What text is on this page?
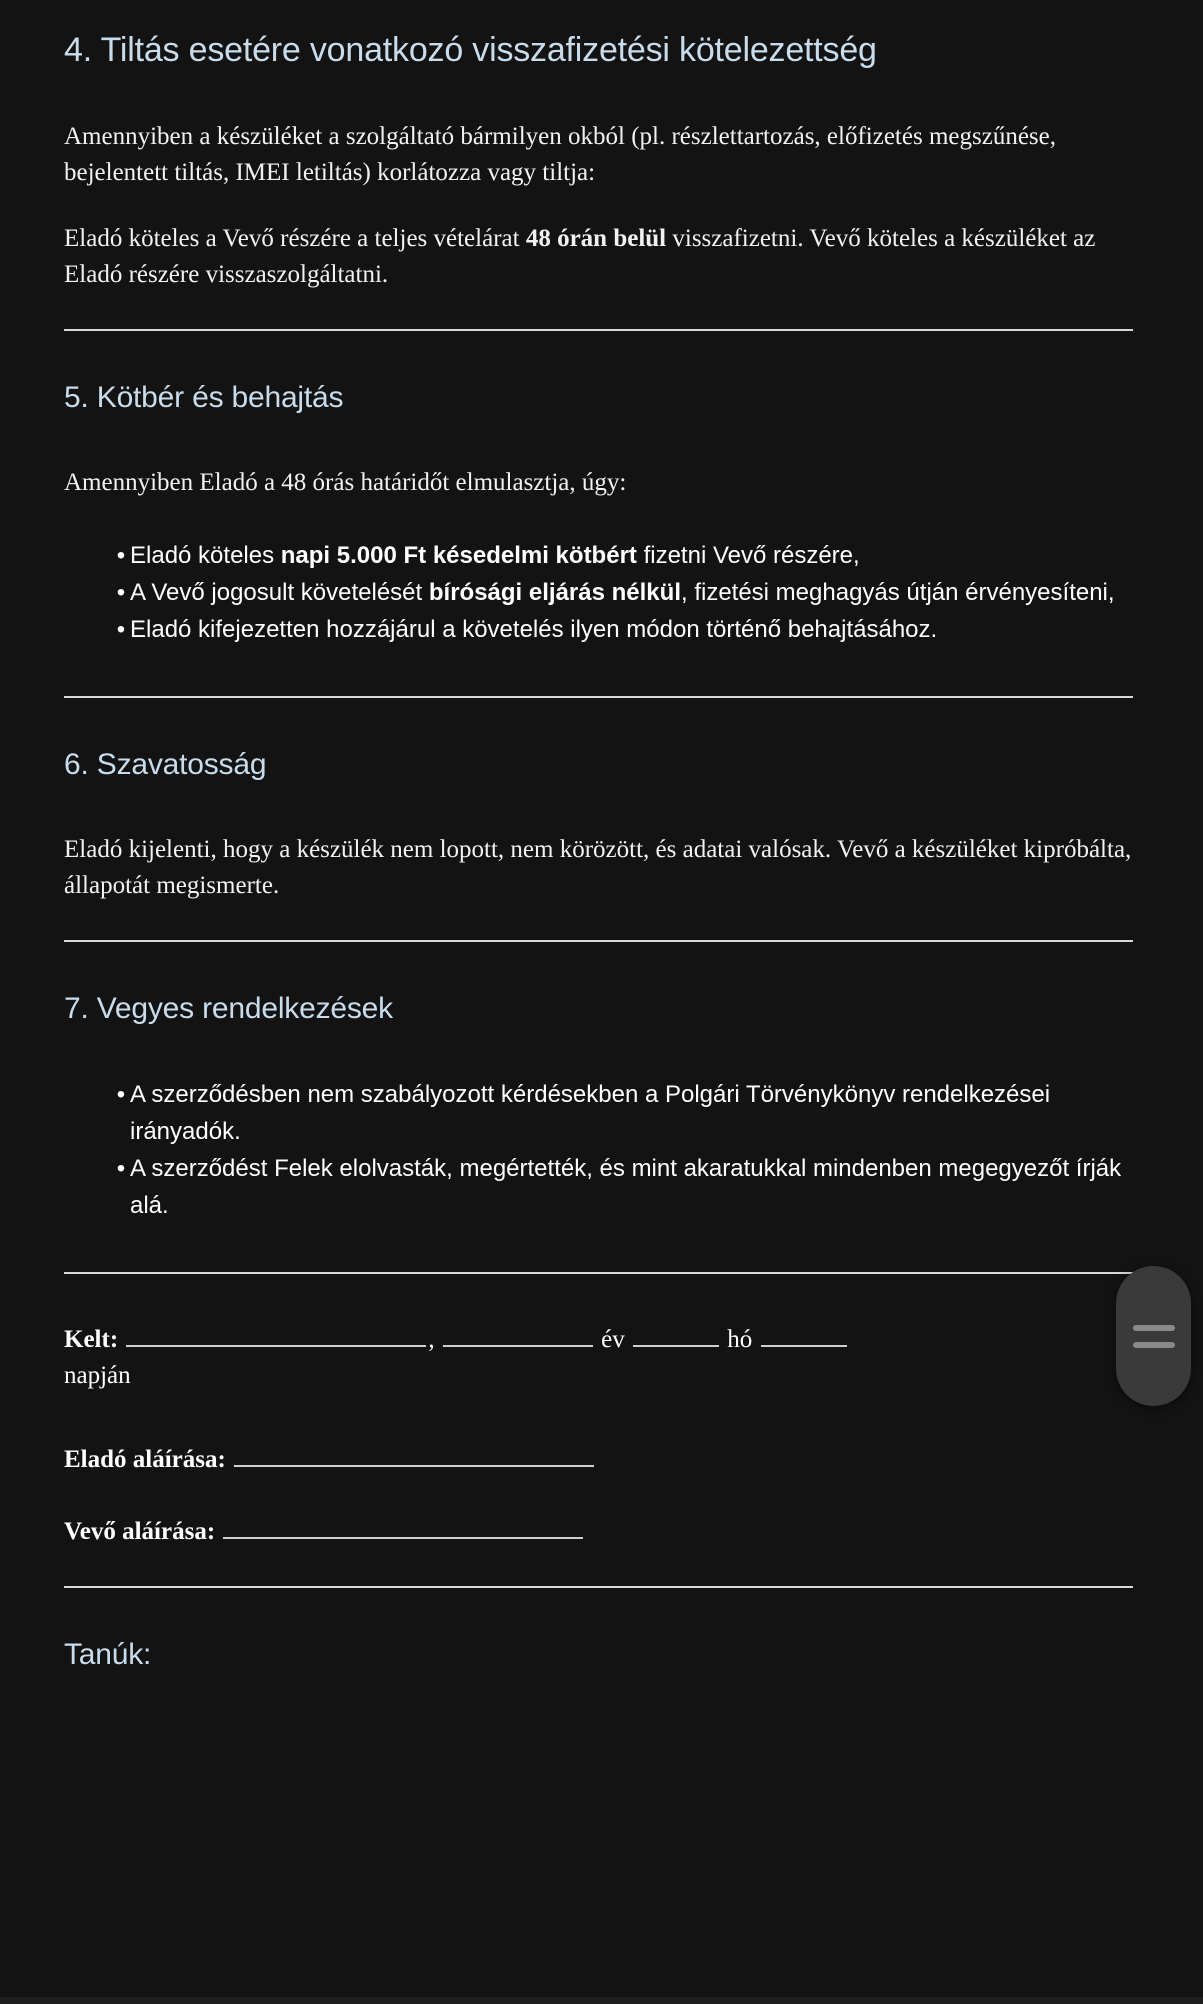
4. Tiltás esetére vonatkozó visszafizetési kötelezettség

Amennyiben a készüléket a szolgáltató bármilyen okból (pl. részlettartozás, előfizetés megszűnése, bejelentett tiltás, IMEI letiltás) korlátozza vagy tiltja:

Eladó köteles a Vevő részére a teljes vételárat 48 órán belül visszafizetni. Vevő köteles a készüléket az Eladó részére visszaszolgáltatni.

5. Kötbér és behajtás

Amennyiben Eladó a 48 órás határidőt elmulasztja, úgy:

• Eladó köteles napi 5.000 Ft késedelmi kötbért fizetni Vevő részére,
• A Vevő jogosult követelését bírósági eljárás nélkül, fizetési meghagyás útján érvényesíteni,
• Eladó kifejezetten hozzájárul a követelés ilyen módon történő behajtásához.
6. Szavatosság

Eladó kijelenti, hogy a készülék nem lopott, nem körözött, és adatai valósak. Vevő a készüléket kipróbálta, állapotát megismerte.

7. Vegyes rendelkezések
• A szerződésben nem szabályozott kérdésekben a Polgári Törvénykönyv rendelkezései irányadók.
• A szerződést Felek elolvasták, megértették, és mint akaratukkal mindenben megegyezőt írják alá.
Kelt:	,	év	hó
napján
Eladó aláírása:
Vevő aláírása:
Tanúk:
